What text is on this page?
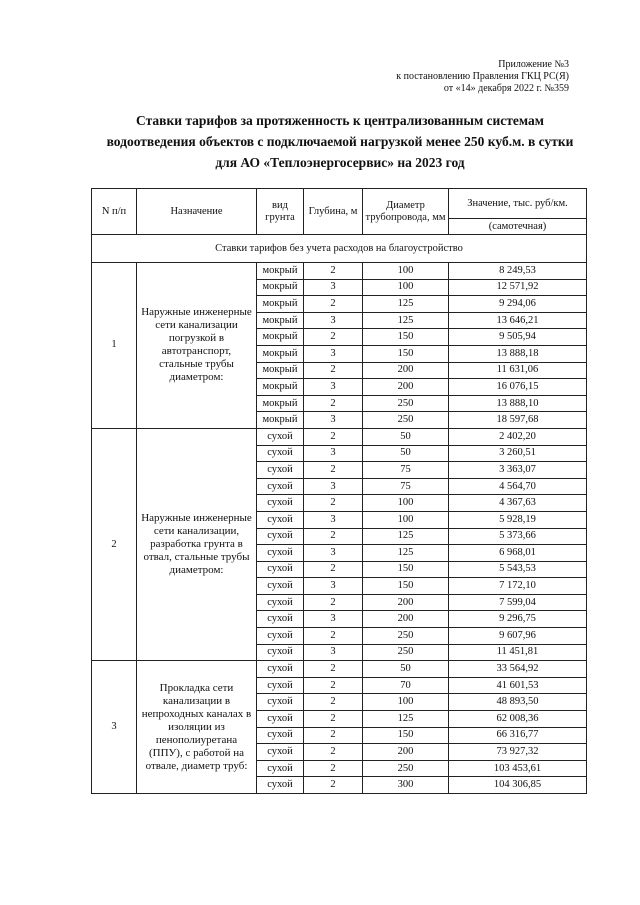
Приложение №3
к постановлению Правления ГКЦ РС(Я)
от «14» декабря 2022 г. №359
Ставки тарифов за протяженность к централизованным системам
водоотведения объектов с подключаемой нагрузкой менее 250 куб.м. в сутки
для АО «Теплоэнергосервис» на 2023 год
N п/п	Назначение	вид грунта	Глубина, м	Диаметр трубопровода, мм	Значение, тыс. руб/км.
					(самотечная)
Ставки тарифов без учета расходов на благоустройство					
1	Наружные инженерные сети канализации погрузкой в автотранспорт, стальные трубы диаметром:	мокрый	2	100	8 249,53
		мокрый	3	100	12 571,92
		мокрый	2	125	9 294,06
		мокрый	3	125	13 646,21
		мокрый	2	150	9 505,94
		мокрый	3	150	13 888,18
		мокрый	2	200	11 631,06
		мокрый	3	200	16 076,15
		мокрый	2	250	13 888,10
		мокрый	3	250	18 597,68
2	Наружные инженерные сети канализации, разработка грунта в отвал, стальные трубы диаметром:	сухой	2	50	2 402,20
		сухой	3	50	3 260,51
		сухой	2	75	3 363,07
		сухой	3	75	4 564,70
		сухой	2	100	4 367,63
		сухой	3	100	5 928,19
		сухой	2	125	5 373,66
		сухой	3	125	6 968,01
		сухой	2	150	5 543,53
		сухой	3	150	7 172,10
		сухой	2	200	7 599,04
		сухой	3	200	9 296,75
		сухой	2	250	9 607,96
		сухой	3	250	11 451,81
3	Прокладка сети канализации в непроходных каналах в изоляции из пенополиуретана (ППУ), с работой на отвале, диаметр труб:	сухой	2	50	33 564,92
		сухой	2	70	41 601,53
		сухой	2	100	48 893,50
		сухой	2	125	62 008,36
		сухой	2	150	66 316,77
		сухой	2	200	73 927,32
		сухой	2	250	103 453,61
		сухой	2	300	104 306,85
